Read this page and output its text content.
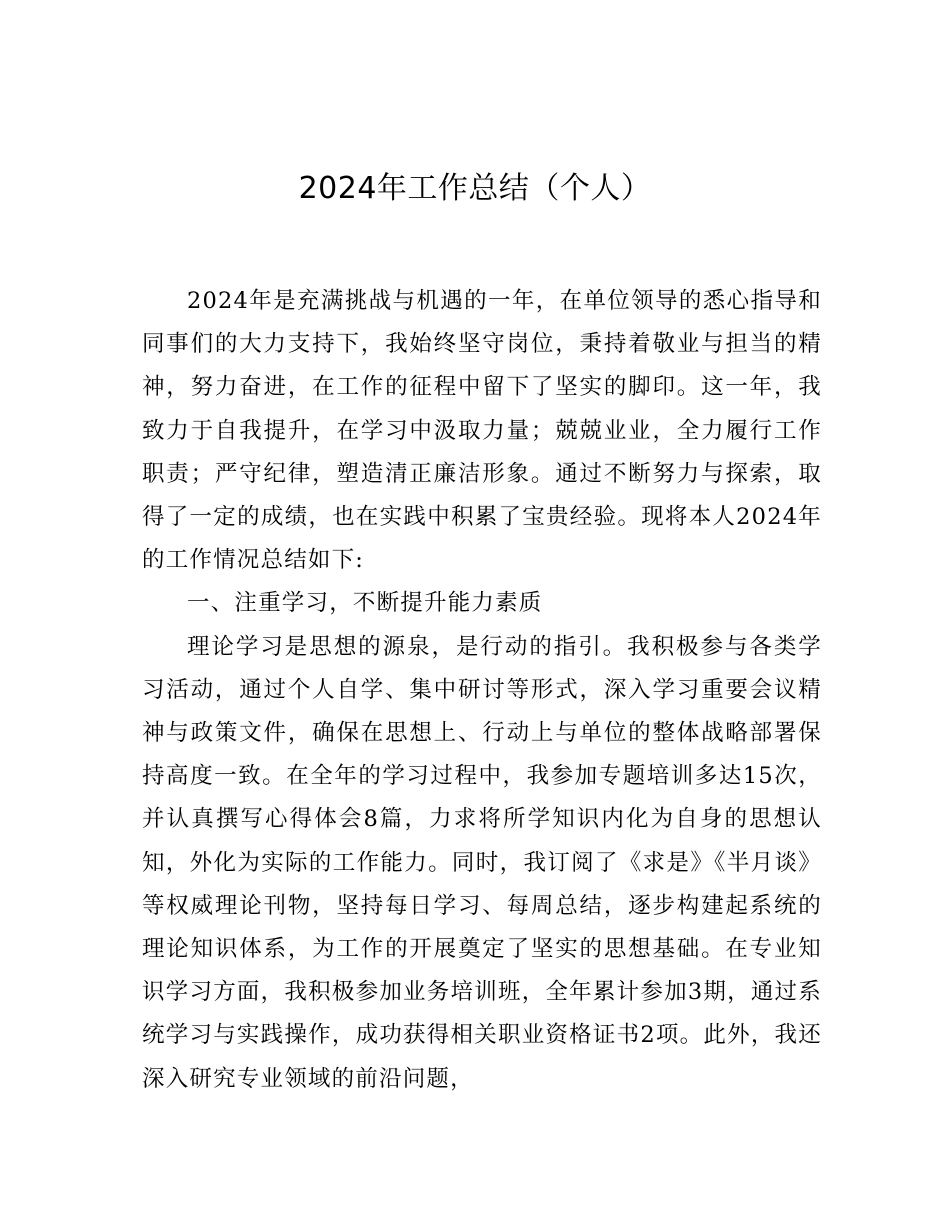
2024年工作总结（个人）

2024年是充满挑战与机遇的一年，在单位领导的悉心指导和同事们的大力支持下，我始终坚守岗位，秉持着敬业与担当的精神，努力奋进，在工作的征程中留下了坚实的脚印。这一年，我致力于自我提升，在学习中汲取力量；兢兢业业，全力履行工作职责；严守纪律，塑造清正廉洁形象。通过不断努力与探索，取得了一定的成绩，也在实践中积累了宝贵经验。现将本人2024年的工作情况总结如下:

一、注重学习，不断提升能力素质

理论学习是思想的源泉，是行动的指引。我积极参与各类学习活动，通过个人自学、集中研讨等形式，深入学习重要会议精神与政策文件，确保在思想上、行动上与单位的整体战略部署保持高度一致。在全年的学习过程中，我参加专题培训多达15次，并认真撰写心得体会8篇，力求将所学知识内化为自身的思想认知，外化为实际的工作能力。同时，我订阅了《求是》《半月谈》等权威理论刊物，坚持每日学习、每周总结，逐步构建起系统的理论知识体系，为工作的开展奠定了坚实的思想基础。在专业知识学习方面，我积极参加业务培训班，全年累计参加3期，通过系统学习与实践操作，成功获得相关职业资格证书2项。此外，我还深入研究专业领域的前沿问题，
